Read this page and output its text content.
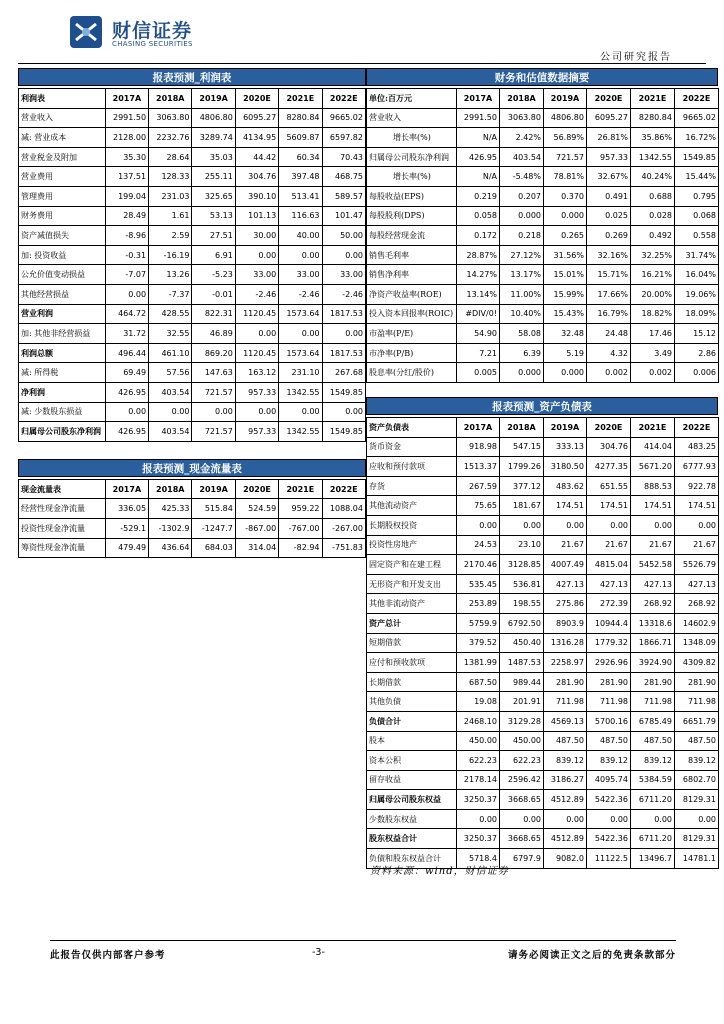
财信证券
CHASING SECURITIES
公司研究报告
报表预测_利润表
利润表	2017A	2018A	2019A	2020E	2021E	2022E
营业收入	2991.50	3063.80	4806.80	6095.27	8280.84	9665.02
减: 营业成本	2128.00	2232.76	3289.74	4134.95	5609.87	6597.82
营业税金及附加	35.30	28.64	35.03	44.42	60.34	70.43
营业费用	137.51	128.33	255.11	304.76	397.48	468.75
管理费用	199.04	231.03	325.65	390.10	513.41	589.57
财务费用	28.49	1.61	53.13	101.13	116.63	101.47
资产减值损失	-8.96	2.59	27.51	30.00	40.00	50.00
加: 投资收益	-0.31	-16.19	6.91	0.00	0.00	0.00
公允价值变动损益	-7.07	13.26	-5.23	33.00	33.00	33.00
其他经营损益	0.00	-7.37	-0.01	-2.46	-2.46	-2.46
营业利润	464.72	428.55	822.31	1120.45	1573.64	1817.53
加: 其他非经营损益	31.72	32.55	46.89	0.00	0.00	0.00
利润总额	496.44	461.10	869.20	1120.45	1573.64	1817.53
减: 所得税	69.49	57.56	147.63	163.12	231.10	267.68
净利润	426.95	403.54	721.57	957.33	1342.55	1549.85
减: 少数股东损益	0.00	0.00	0.00	0.00	0.00	0.00
归属母公司股东净利润	426.95	403.54	721.57	957.33	1342.55	1549.85
报表预测_现金流量表
现金流量表	2017A	2018A	2019A	2020E	2021E	2022E
经营性现金净流量	336.05	425.33	515.84	524.59	959.22	1088.04
投资性现金净流量	-529.1	-1302.9	-1247.7	-867.00	-767.00	-267.00
筹资性现金净流量	479.49	436.64	684.03	314.04	-82.94	-751.83
财务和估值数据摘要
单位:百万元	2017A	2018A	2019A	2020E	2021E	2022E
营业收入	2991.50	3063.80	4806.80	6095.27	8280.84	9665.02
增长率(%)	N/A	2.42%	56.89%	26.81%	35.86%	16.72%
归属母公司股东净利润	426.95	403.54	721.57	957.33	1342.55	1549.85
增长率(%)	N/A	-5.48%	78.81%	32.67%	40.24%	15.44%
每股收益(EPS)	0.219	0.207	0.370	0.491	0.688	0.795
每股股利(DPS)	0.058	0.000	0.000	0.025	0.028	0.068
每股经营现金流	0.172	0.218	0.265	0.269	0.492	0.558
销售毛利率	28.87%	27.12%	31.56%	32.16%	32.25%	31.74%
销售净利率	14.27%	13.17%	15.01%	15.71%	16.21%	16.04%
净资产收益率(ROE)	13.14%	11.00%	15.99%	17.66%	20.00%	19.06%
投入资本回报率(ROIC)	#DIV/0!	10.40%	15.43%	16.79%	18.82%	18.09%
市盈率(P/E)	54.90	58.08	32.48	24.48	17.46	15.12
市净率(P/B)	7.21	6.39	5.19	4.32	3.49	2.86
股息率(分红/股价)	0.005	0.000	0.000	0.002	0.002	0.006
报表预测_资产负债表
资产负债表	2017A	2018A	2019A	2020E	2021E	2022E
货币资金	918.98	547.15	333.13	304.76	414.04	483.25
应收和预付款项	1513.37	1799.26	3180.50	4277.35	5671.20	6777.93
存货	267.59	377.12	483.62	651.55	888.53	922.78
其他流动资产	75.65	181.67	174.51	174.51	174.51	174.51
长期股权投资	0.00	0.00	0.00	0.00	0.00	0.00
投资性房地产	24.53	23.10	21.67	21.67	21.67	21.67
固定资产和在建工程	2170.46	3128.85	4007.49	4815.04	5452.58	5526.79
无形资产和开发支出	535.45	536.81	427.13	427.13	427.13	427.13
其他非流动资产	253.89	198.55	275.86	272.39	268.92	268.92
资产总计	5759.9	6792.50	8903.9	10944.4	13318.6	14602.9
短期借款	379.52	450.40	1316.28	1779.32	1866.71	1348.09
应付和预收款项	1381.99	1487.53	2258.97	2926.96	3924.90	4309.82
长期借款	687.50	989.44	281.90	281.90	281.90	281.90
其他负债	19.08	201.91	711.98	711.98	711.98	711.98
负债合计	2468.10	3129.28	4569.13	5700.16	6785.49	6651.79
股本	450.00	450.00	487.50	487.50	487.50	487.50
资本公积	622.23	622.23	839.12	839.12	839.12	839.12
留存收益	2178.14	2596.42	3186.27	4095.74	5384.59	6802.70
归属母公司股东权益	3250.37	3668.65	4512.89	5422.36	6711.20	8129.31
少数股东权益	0.00	0.00	0.00	0.00	0.00	0.00
股东权益合计	3250.37	3668.65	4512.89	5422.36	6711.20	8129.31
负债和股东权益合计	5718.4	6797.9	9082.0	11122.5	13496.7	14781.1
资料来源：wind，财信证券
此报告仅供内部客户参考	-3-	请务必阅读正文之后的免责条款部分
